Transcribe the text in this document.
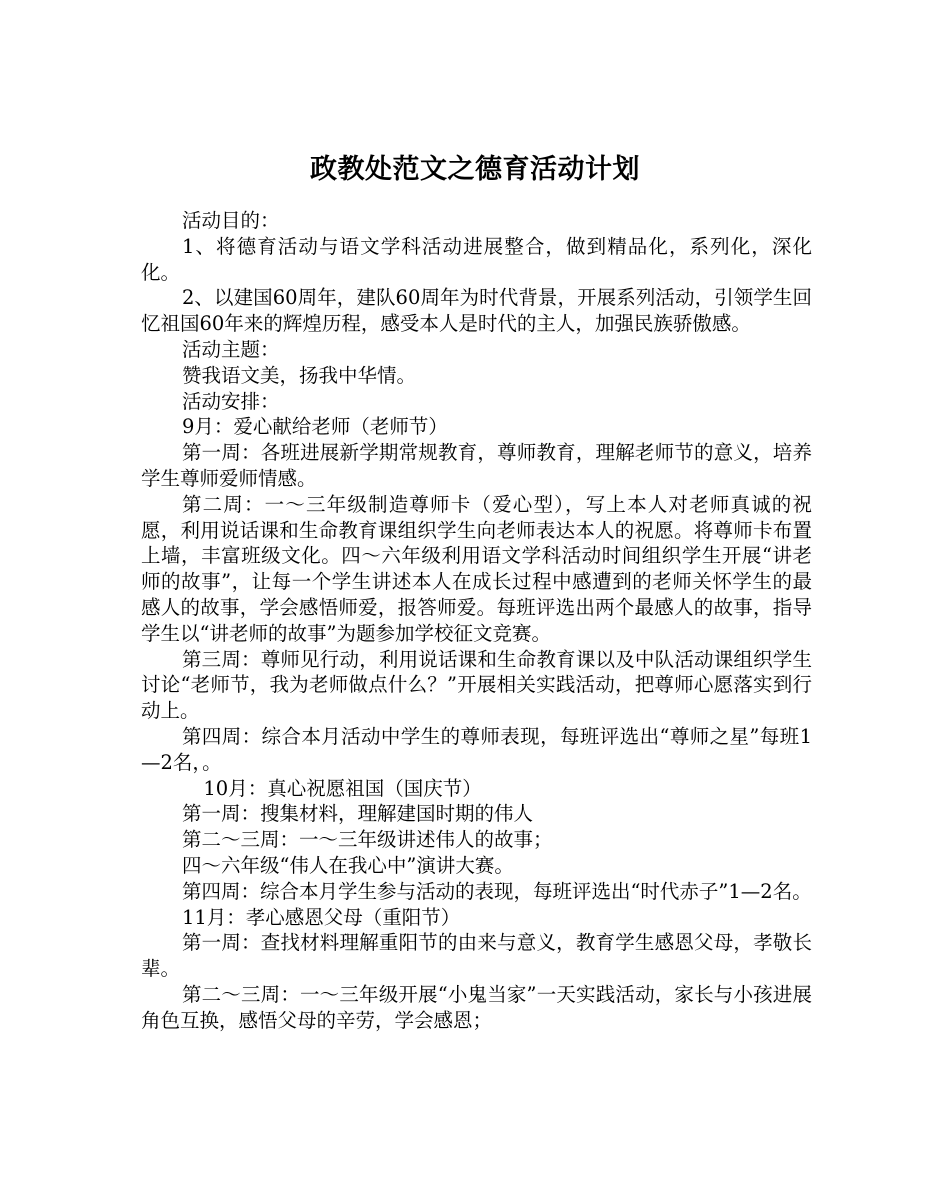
政教处范文之德育活动计划

活动目的：

1、将德育活动与语文学科活动进展整合，做到精品化，系列化，深化化。

2、以建国60周年，建队60周年为时代背景，开展系列活动，引领学生回忆祖国60年来的辉煌历程，感受本人是时代的主人，加强民族骄傲感。

活动主题：

赞我语文美，扬我中华情。

活动安排：

9月：爱心献给老师（老师节）

第一周：各班进展新学期常规教育，尊师教育，理解老师节的意义，培养学生尊师爱师情感。

第二周：一～三年级制造尊师卡（爱心型），写上本人对老师真诚的祝愿，利用说话课和生命教育课组织学生向老师表达本人的祝愿。将尊师卡布置上墙，丰富班级文化。四～六年级利用语文学科活动时间组织学生开展“讲老师的故事”，让每一个学生讲述本人在成长过程中感遭到的老师关怀学生的最感人的故事，学会感悟师爱，报答师爱。每班评选出两个最感人的故事，指导学生以“讲老师的故事”为题参加学校征文竞赛。

第三周：尊师见行动，利用说话课和生命教育课以及中队活动课组织学生讨论“老师节，我为老师做点什么？”开展相关实践活动，把尊师心愿落实到行动上。

第四周：综合本月活动中学生的尊师表现，每班评选出“尊师之星”每班1—2名，。

10月：真心祝愿祖国（国庆节）

第一周：搜集材料，理解建国时期的伟人

第二～三周：一～三年级讲述伟人的故事；

四～六年级“伟人在我心中”演讲大赛。

第四周：综合本月学生参与活动的表现，每班评选出“时代赤子”1—2名。

11月：孝心感恩父母（重阳节）

第一周：查找材料理解重阳节的由来与意义，教育学生感恩父母，孝敬长辈。

第二～三周：一～三年级开展“小鬼当家”一天实践活动，家长与小孩进展角色互换，感悟父母的辛劳，学会感恩；
